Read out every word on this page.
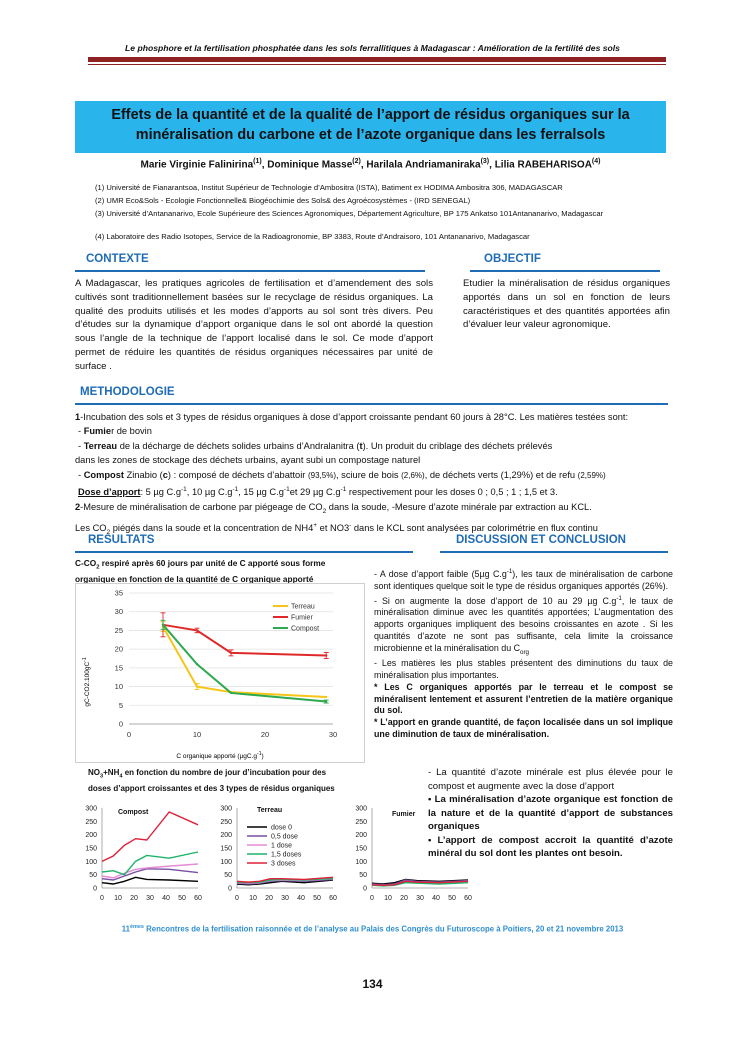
Le phosphore et la fertilisation phosphatée dans les sols ferrallitiques à Madagascar : Amélioration de la fertilité des sols
Effets de la quantité et de la qualité de l’apport de résidus organiques sur la
minéralisation du carbone et de l’azote organique dans les ferralsols
Marie Virginie Falinirina$^{(1)}$, Dominique Masse$^{(2)}$, Harilala Andriamaniraka$^{(3)}$, Lilia RABEHARISOA$^{(4)}$
(1) Université de Fianarantsoa, Institut Supérieur de Technologie d’Ambositra (ISTA), Batiment ex HODIMA Ambositra 306, MADAGASCAR
(2) UMR Eco&Sols - Ecologie Fonctionnelle& Biogéochimie des Sols& des Agroécosystèmes - (IRD SENEGAL)
(3) Université d’Antananarivo, Ecole Supérieure des Sciences Agronomiques, Département Agriculture, BP 175 Ankatso 101Antananarivo, Madagascar
(4) Laboratoire des Radio Isotopes, Service de la Radioagronomie, BP 3383, Route d’Andraisoro, 101 Antananarivo, Madagascar
CONTEXTE
A Madagascar, les pratiques agricoles de fertilisation et d’amendement des sols cultivés sont traditionnellement basées sur le recyclage de résidus organiques. La qualité des produits utilisés et les modes d’apports au sol sont très divers. Peu d’études sur la dynamique d’apport organique dans le sol ont abordé la question sous l’angle de la technique de l’apport localisé dans le sol. Ce mode d’apport permet de réduire les quantités de résidus organiques nécessaires par unité de surface .
OBJECTIF
Etudier la minéralisation de résidus organiques apportés dans un sol en fonction de leurs caractéristiques et des quantités apportées afin d’évaluer leur valeur agronomique.
METHODOLOGIE
1-Incubation des sols et 3 types de résidus organiques à dose d’apport croissante pendant 60 jours à 28°C. Les matières testées sont:
- Fumier de bovin
- Terreau de la décharge de déchets solides urbains d’Andralanitra (t). Un produit du criblage des déchets prélevés
dans les zones de stockage des déchets urbains, ayant subi un compostage naturel
- Compost Zinabio (c) : composé de déchets d’abattoir (93,5%), sciure de bois (2,6%), de déchets verts (1,29%) et de refu (2,59%)
Dose d’apport: 5 µg $C.g^{-1}$, 10 µg $C.g^{-1}$, 15 µg $C.g^{-1}et$ 29 µg $C.g^{-1}$ respectivement pour les doses 0 ; 0,5 ; 1 ; 1,5 et 3.
2-Mesure de minéralisation de carbone par piégeage de $CO_2$ dans la soude, -Mesure d’azote minérale par extraction au KCL.
Les $CO_2$ piégés dans la soude et la concentration de NH4+ et NO3- dans le KCL sont analysées par colorimétrie en flux continu
RESULTATS	DISCUSSION ET CONCLUSION
$C-CO_2$ respiré après 60 jours par unité de C apporté sous forme
organique en fonction de la quantité de C organique apporté
0
5
10
15
20
25
30
35
0	10	20	30
Terreau
Fumier
Compost
$gC-CO2.100gC^{-1}$
C organique apporté $(\mu gC.g^{-1})$
$NO_3+NH_4$ en fonction du nombre de jour d’incubation pour des
doses d’apport croissantes et des 3 types de résidus organiques
0
50
100
150
200
250
300
0 10 20 30 40 50 60
Compost
0
50
100
150
200
250
300
0 10 20 30 40 50 60
Terreau
dose 0
0,5 dose
1 dose
1,5 doses
3 doses
0
50
100
150
200
250
300
0 10 20 30 40 50 60
Fumier
- A dose d’apport faible (5µg $C.g^{-1}$), les taux de minéralisation de carbone sont identiques quelque soit le type de résidus organiques apportés (26%).
- Si on augmente la dose d’apport de 10 au 29 µg $C.g^{-1}$, le taux de minéralisation diminue avec les quantités apportées; L’augmentation des apports organiques impliquent des besoins croissantes en azote . Si les quantités d’azote ne sont pas suffisante, cela limite la croissance microbienne et la minéralisation du $C_{org}$
- Les matières les plus stables présentent des diminutions du taux de minéralisation plus importantes.
* Les C organiques apportés par le terreau et le compost se minéralisent lentement et assurent l’entretien de la matière organique du sol.
* L’apport en grande quantité, de façon localisée dans un sol implique une diminution de taux de minéralisation.
- La quantité d’azote minérale est plus élevée pour le compost et augmente avec la dose d’apport
• La minéralisation d’azote organique est fonction de la nature et de la quantité d’apport de substances organiques
• L’apport de compost accroit la quantité d’azote minéral du sol dont les plantes ont besoin.
11èmes Rencontres de la fertilisation raisonnée et de l’analyse au Palais des Congrès du Futuroscope à Poitiers, 20 et 21 novembre 2013
134
